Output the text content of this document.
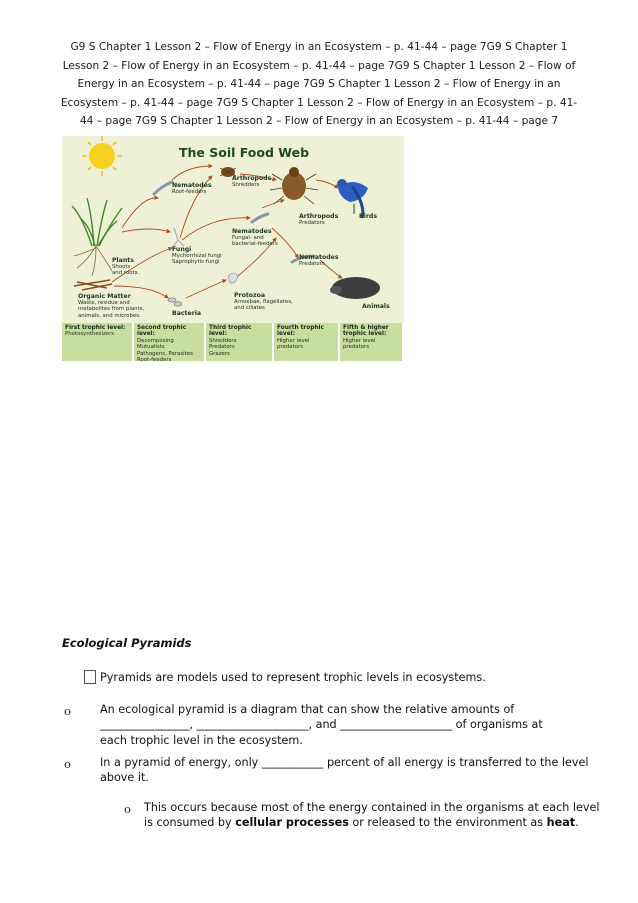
G9 S Chapter 1 Lesson 2 – Flow of Energy in an Ecosystem – p. 41-44 – page 7G9 S Chapter 1 Lesson 2 – Flow of Energy in an Ecosystem – p. 41-44 – page 7G9 S Chapter 1 Lesson 2 – Flow of Energy in an Ecosystem – p. 41-44 – page 7G9 S Chapter 1 Lesson 2 – Flow of Energy in an Ecosystem – p. 41-44 – page 7G9 S Chapter 1 Lesson 2 – Flow of Energy in an Ecosystem – p. 41-44 – page 7G9 S Chapter 1 Lesson 2 – Flow of Energy in an Ecosystem – p. 41-44 – page 7
The Soil Food Web
Nematodes
Root-feeders
Arthropods
Shredders
Arthropods
Predators
Birds
Fungi
Mychorrhizal fungi
Saprophytic fungi
Nematodes
Fungal- and
bacterial-feeders
Nematodes
Predators
Plants
Shoots
and roots.
Organic Matter
Waste, residue and
metabolites from plants,
animals, and microbes.
Protozoa
Amoebae, flagellates,
and ciliates
Bacteria
Animals
First trophic level:
Photosynthesizers
Second trophic level:
Decomposing Mutualists
Pathogens, Parasites
Root-feeders
Third trophic level:
Shredders
Predators
Grazers
Fourth trophic level:
Higher level predators
Fifth & higher trophic level:
Higher level predators
Ecological Pyramids
Pyramids are models used to represent trophic levels in ecosystems.
o	An ecological pyramid is a diagram that can show the relative amounts of
________________, ____________________, and ____________________ of organisms at
each trophic level in the ecosystem.
o	In a pyramid of energy, only ___________ percent of all energy is transferred to the level
above it.
o This occurs because most of the energy contained in the organisms at each level
is consumed by cellular processes or released to the environment as heat.
